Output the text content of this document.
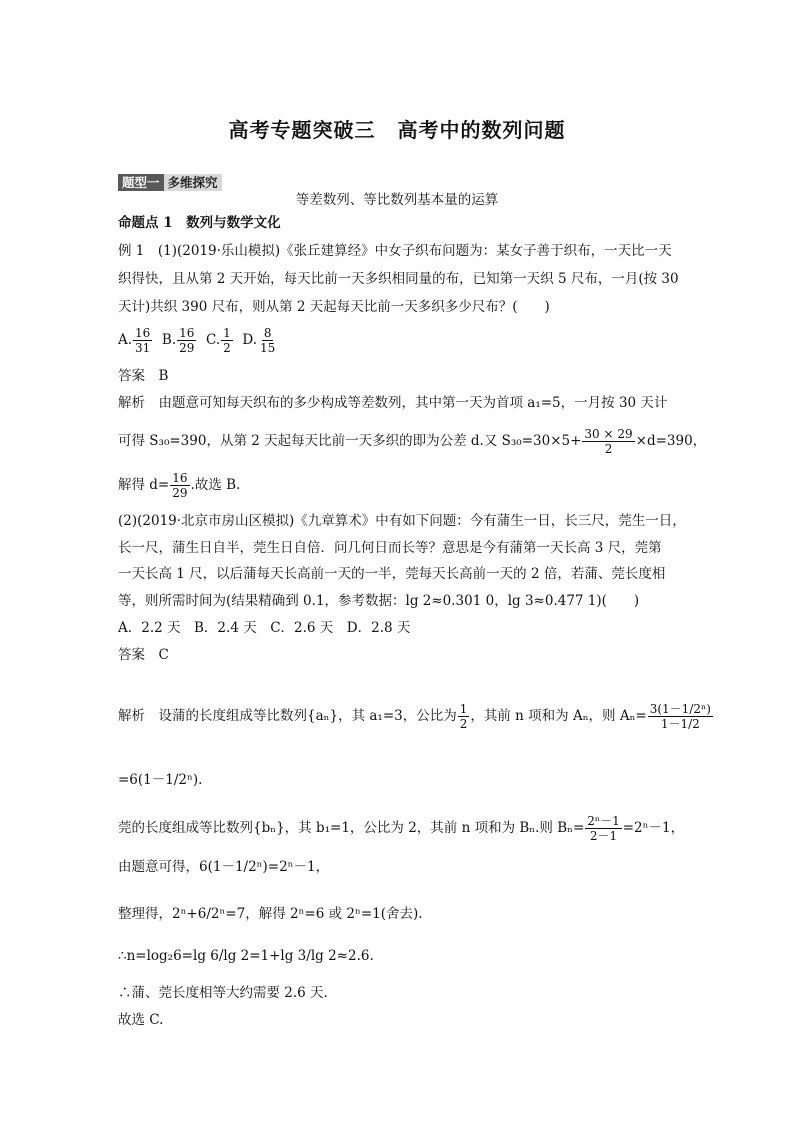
高考专题突破三 高考中的数列问题
题型一 多维探究
等差数列、等比数列基本量的运算
命题点 1　数列与数学文化
例 1　(1)(2019·乐山模拟)《张丘建算经》中女子织布问题为：某女子善于织布，一天比一天
织得快，且从第 2 天开始，每天比前一天多织相同量的布，已知第一天织 5 尺布，一月(按 30
天计)共织 390 尺布，则从第 2 天起每天比前一天多织多少尺布？(　　)
A. $\frac{16}{31} B$. $\frac{16}{29} C$. $\frac{1}{2} D$. $\frac{8}{15}$
答案　B
解析　由题意可知每天织布的多少构成等差数列，其中第一天为首项 a₁=5，一月按 30 天计
可得 S₃₀=390，从第 2 天起每天比前一天多织的即为公差 d.又 $S_{30}=30\times 5+ \frac{30 \times 29}{2} \times d=390$，
解得 $d= \frac{16}{29}$ .故选 B.
(2)(2019·北京市房山区模拟)《九章算术》中有如下问题：今有蒲生一日，长三尺，莞生一日，
长一尺，蒲生日自半，莞生日自倍．问几何日而长等？意思是今有蒲第一天长高 3 尺，莞第
一天长高 1 尺，以后蒲每天长高前一天的一半，莞每天长高前一天的 2 倍，若蒲、莞长度相
等，则所需时间为(结果精确到 0.1，参考数据：lg 2≈0.301 0，lg 3≈0.477 1)(　　)
A．2.2 天　B．2.4 天　C．2.6 天　D．2.8 天
答案　C
解析　设蒲的长度组成等比数列{aₙ}，其 a₁=3，公比为 $\frac{1}{2}$ ，其前 n 项和为 Aₙ，则 $A_n= \frac{\text{3(1－1/2ⁿ)}}{1-1/2}$
=6(1－1/2ⁿ).
莞的长度组成等比数列{bₙ}，其 b₁=1，公比为 2，其前 n 项和为 Bₙ.则 $B_n= \frac{\text{2ⁿ－1}}{2-1} =2^n-1$，
由题意可得，6(1－1/2ⁿ)=2ⁿ－1，
整理得，2ⁿ+6/2ⁿ=7，解得 2ⁿ=6 或 2ⁿ=1(舍去).
∴n=log₂6=lg 6/lg 2=1+lg 3/lg 2≈2.6.
∴蒲、莞长度相等大约需要 2.6 天.
故选 C.
